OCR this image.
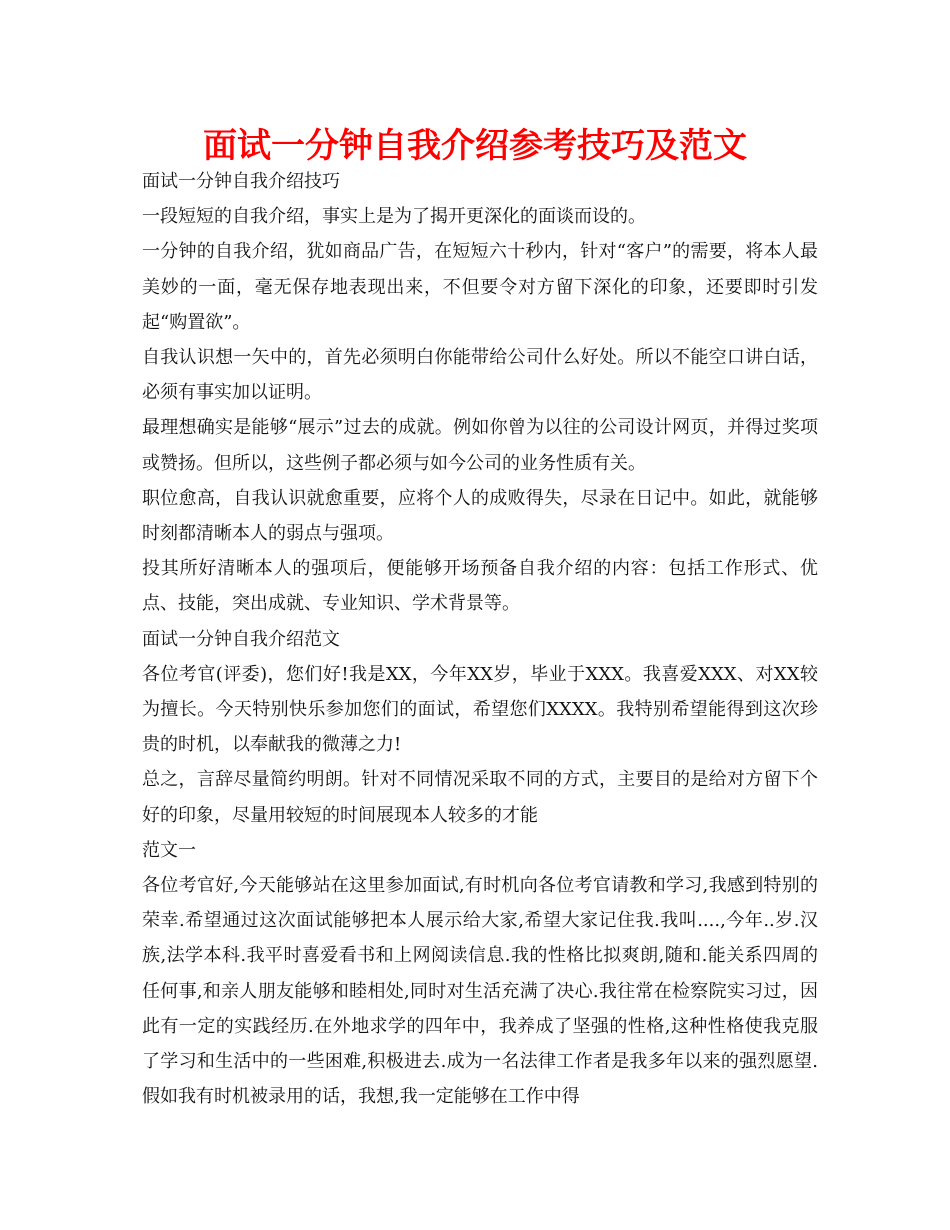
面试一分钟自我介绍参考技巧及范文

面试一分钟自我介绍技巧

一段短短的自我介绍，事实上是为了揭开更深化的面谈而设的。

一分钟的自我介绍，犹如商品广告，在短短六十秒内，针对“客户”的需要，将本人最美妙的一面，毫无保存地表现出来，不但要令对方留下深化的印象，还要即时引发起“购置欲”。

自我认识想一矢中的，首先必须明白你能带给公司什么好处。所以不能空口讲白话，必须有事实加以证明。

最理想确实是能够“展示”过去的成就。例如你曾为以往的公司设计网页，并得过奖项或赞扬。但所以，这些例子都必须与如今公司的业务性质有关。

职位愈高，自我认识就愈重要，应将个人的成败得失，尽录在日记中。如此，就能够时刻都清晰本人的弱点与强项。

投其所好清晰本人的强项后，便能够开场预备自我介绍的内容：包括工作形式、优点、技能，突出成就、专业知识、学术背景等。

面试一分钟自我介绍范文

各位考官(评委)，您们好!我是XX，今年XX岁，毕业于XXX。我喜爱XXX、对XX较为擅长。今天特别快乐参加您们的面试，希望您们XXXX。我特别希望能得到这次珍贵的时机，以奉献我的微薄之力!

总之，言辞尽量简约明朗。针对不同情况采取不同的方式，主要目的是给对方留下个好的印象，尽量用较短的时间展现本人较多的才能

范文一

各位考官好,今天能够站在这里参加面试,有时机向各位考官请教和学习,我感到特别的荣幸.希望通过这次面试能够把本人展示给大家,希望大家记住我.我叫....,今年..岁.汉族,法学本科.我平时喜爱看书和上网阅读信息.我的性格比拟爽朗,随和.能关系四周的任何事,和亲人朋友能够和睦相处,同时对生活充满了决心.我往常在检察院实习过，因此有一定的实践经历.在外地求学的四年中，我养成了坚强的性格,这种性格使我克服了学习和生活中的一些困难,积极进去.成为一名法律工作者是我多年以来的强烈愿望.假如我有时机被录用的话，我想,我一定能够在工作中得
